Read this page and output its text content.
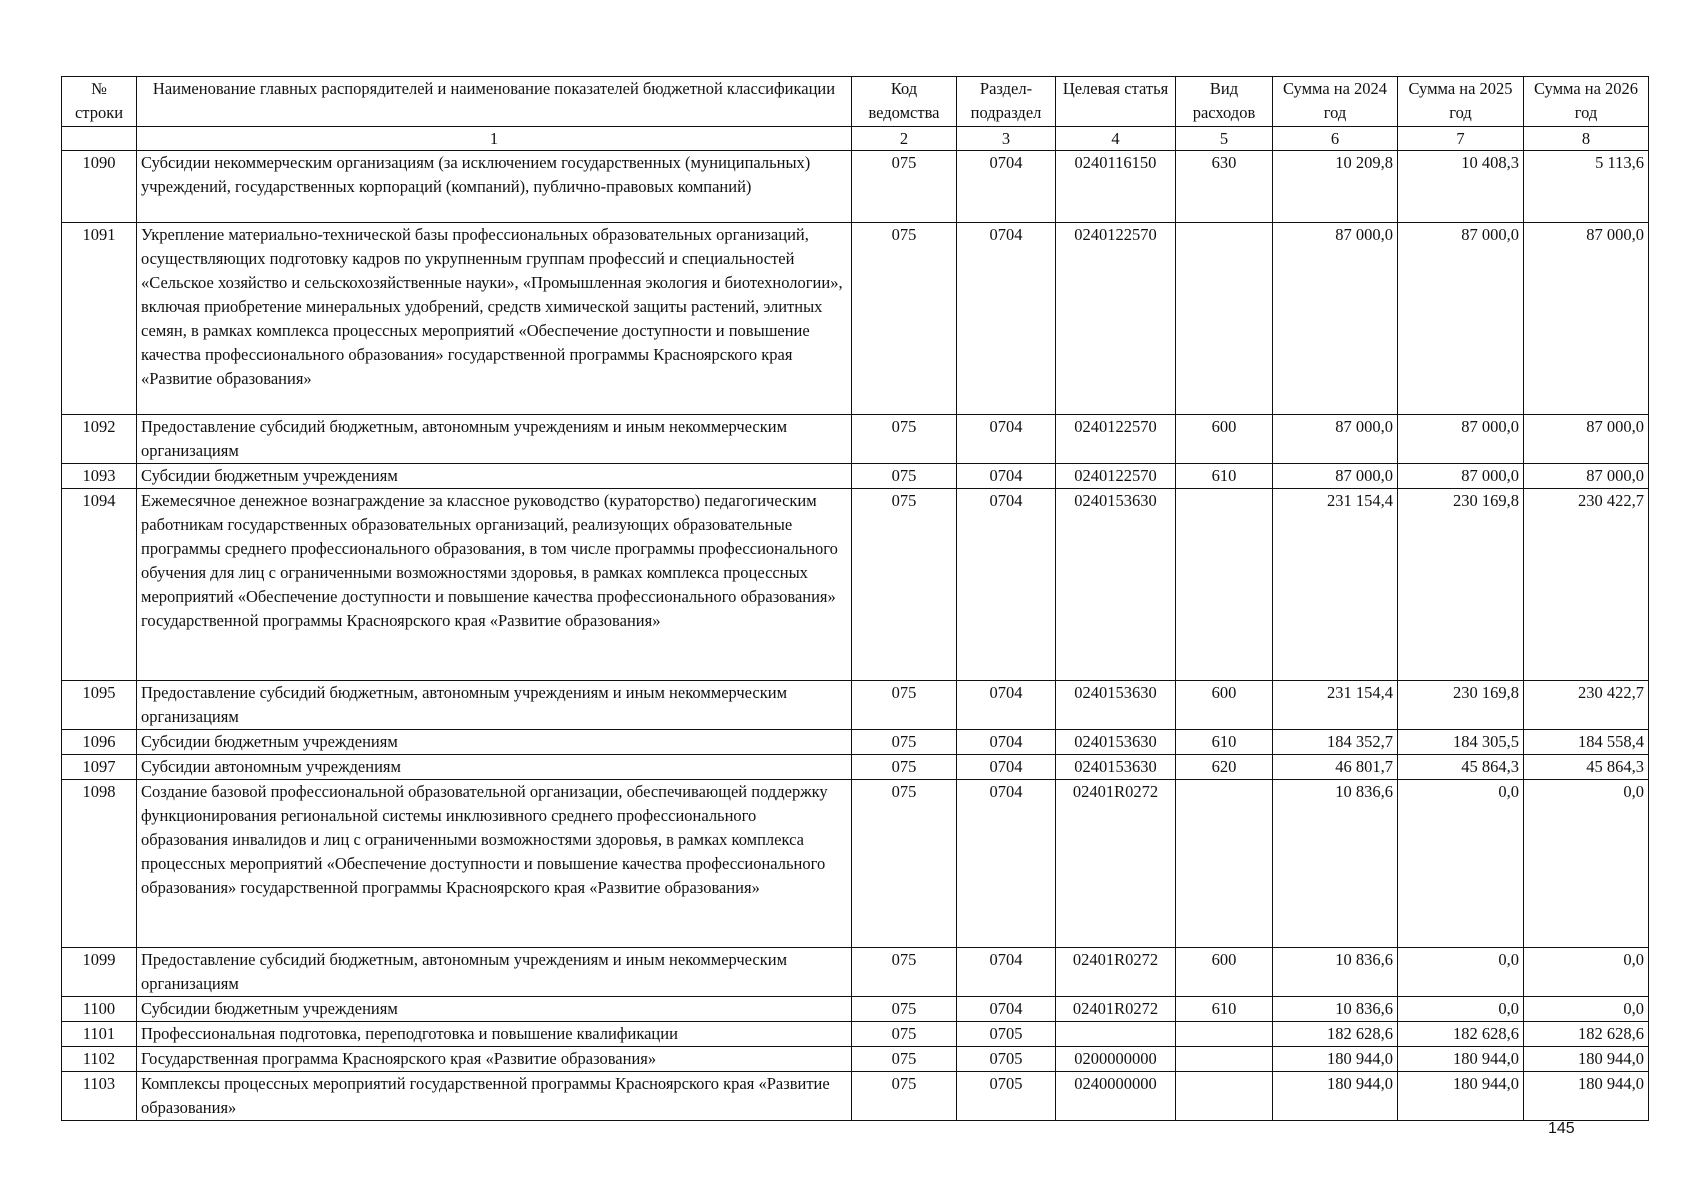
№
строки	Наименование главных распорядителей и наименование показателей бюджетной классификации	Код ведомства	Раздел-подраздел	Целевая статья	Вид расходов	Сумма на 2024 год	Сумма на 2025 год	Сумма на 2026 год
	1	2	3	4	5	6	7	8
1090	Субсидии некоммерческим организациям (за исключением государственных (муниципальных) учреждений, государственных корпораций (компаний), публично-правовых компаний)	075	0704	0240116150	630	10 209,8	10 408,3	5 113,6
1091	Укрепление материально-технической базы профессиональных образовательных организаций, осуществляющих подготовку кадров по укрупненным группам профессий и специальностей «Сельское хозяйство и сельскохозяйственные науки», «Промышленная экология и биотехнологии», включая приобретение минеральных удобрений, средств химической защиты растений, элитных семян, в рамках комплекса процессных мероприятий «Обеспечение доступности и повышение качества профессионального образования» государственной программы Красноярского края «Развитие образования»	075	0704	0240122570		87 000,0	87 000,0	87 000,0
1092	Предоставление субсидий бюджетным, автономным учреждениям и иным некоммерческим организациям	075	0704	0240122570	600	87 000,0	87 000,0	87 000,0
1093	Субсидии бюджетным учреждениям	075	0704	0240122570	610	87 000,0	87 000,0	87 000,0
1094	Ежемесячное денежное вознаграждение за классное руководство (кураторство) педагогическим работникам государственных образовательных организаций, реализующих образовательные программы среднего профессионального образования, в том числе программы профессионального обучения для лиц с ограниченными возможностями здоровья, в рамках комплекса процессных мероприятий «Обеспечение доступности и повышение качества профессионального образования» государственной программы Красноярского края «Развитие образования»	075	0704	0240153630		231 154,4	230 169,8	230 422,7
1095	Предоставление субсидий бюджетным, автономным учреждениям и иным некоммерческим организациям	075	0704	0240153630	600	231 154,4	230 169,8	230 422,7
1096	Субсидии бюджетным учреждениям	075	0704	0240153630	610	184 352,7	184 305,5	184 558,4
1097	Субсидии автономным учреждениям	075	0704	0240153630	620	46 801,7	45 864,3	45 864,3
1098	Создание базовой профессиональной образовательной организации, обеспечивающей поддержку функционирования региональной системы инклюзивного среднего профессионального образования инвалидов и лиц с ограниченными возможностями здоровья, в рамках комплекса процессных мероприятий «Обеспечение доступности и повышение качества профессионального образования» государственной программы Красноярского края «Развитие образования»	075	0704	02401R0272		10 836,6	0,0	0,0
1099	Предоставление субсидий бюджетным, автономным учреждениям и иным некоммерческим организациям	075	0704	02401R0272	600	10 836,6	0,0	0,0
1100	Субсидии бюджетным учреждениям	075	0704	02401R0272	610	10 836,6	0,0	0,0
1101	Профессиональная подготовка, переподготовка и повышение квалификации	075	0705			182 628,6	182 628,6	182 628,6
1102	Государственная программа Красноярского края «Развитие образования»	075	0705	0200000000		180 944,0	180 944,0	180 944,0
1103	Комплексы процессных мероприятий государственной программы Красноярского края «Развитие образования»	075	0705	0240000000		180 944,0	180 944,0	180 944,0
145
